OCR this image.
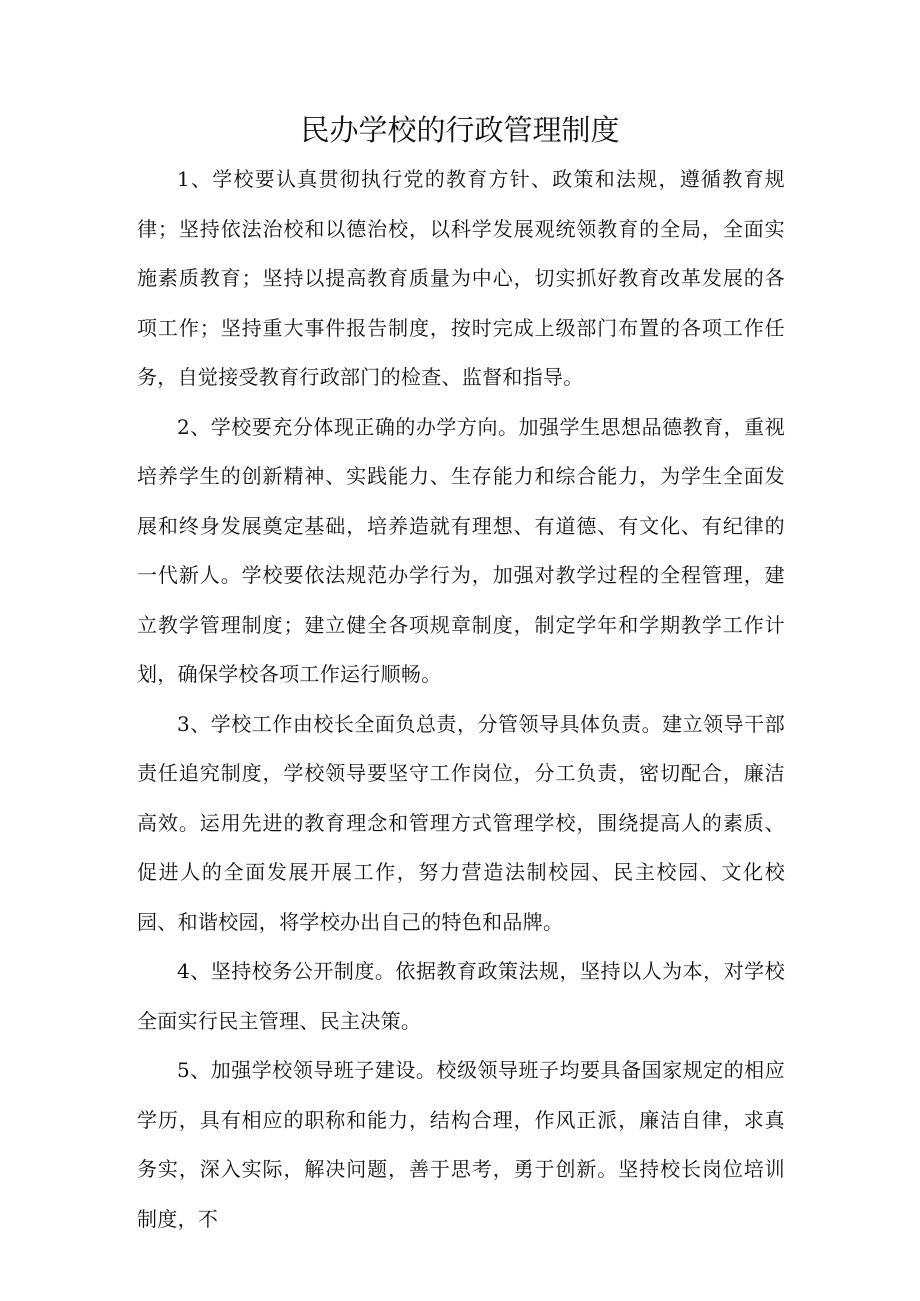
民办学校的行政管理制度

1、学校要认真贯彻执行党的教育方针、政策和法规，遵循教育规律；坚持依法治校和以德治校，以科学发展观统领教育的全局，全面实施素质教育；坚持以提高教育质量为中心，切实抓好教育改革发展的各项工作；坚持重大事件报告制度，按时完成上级部门布置的各项工作任务，自觉接受教育行政部门的检查、监督和指导。

2、学校要充分体现正确的办学方向。加强学生思想品德教育，重视培养学生的创新精神、实践能力、生存能力和综合能力，为学生全面发展和终身发展奠定基础，培养造就有理想、有道德、有文化、有纪律的一代新人。学校要依法规范办学行为，加强对教学过程的全程管理，建立教学管理制度；建立健全各项规章制度，制定学年和学期教学工作计划，确保学校各项工作运行顺畅。

3、学校工作由校长全面负总责，分管领导具体负责。建立领导干部责任追究制度，学校领导要坚守工作岗位，分工负责，密切配合，廉洁高效。运用先进的教育理念和管理方式管理学校，围绕提高人的素质、促进人的全面发展开展工作，努力营造法制校园、民主校园、文化校园、和谐校园，将学校办出自己的特色和品牌。

4、坚持校务公开制度。依据教育政策法规，坚持以人为本，对学校全面实行民主管理、民主决策。

5、加强学校领导班子建设。校级领导班子均要具备国家规定的相应学历，具有相应的职称和能力，结构合理，作风正派，廉洁自律，求真务实，深入实际，解决问题，善于思考，勇于创新。坚持校长岗位培训制度，不
